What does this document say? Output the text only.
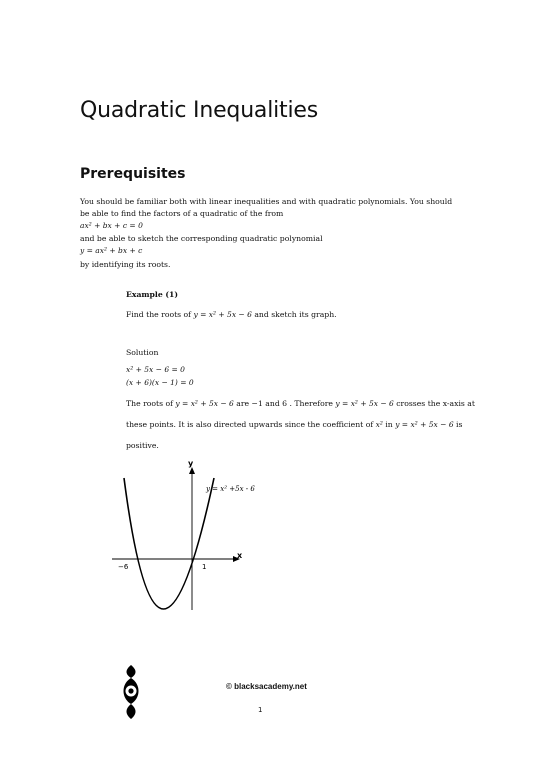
Quadratic Inequalities
Prerequisites

You should be familiar both with linear inequalities and with quadratic polynomials. You should

be able to find the factors of a quadratic of the from

ax² + bx + c = 0

and be able to sketch the corresponding quadratic polynomial

y = ax² + bx + c

by identifying its roots.

Example (1)

Find the roots of y = x² + 5x − 6 and sketch its graph.

Solution

x² + 5x − 6 = 0
(x + 6)(x − 1) = 0

The roots of y = x² + 5x − 6 are −1 and 6 . Therefore y = x² + 5x − 6 crosses the x-axis at

these points. It is also directed upwards since the coefficient of x² in y = x² + 5x − 6 is

positive.

y
x
y = x² +5x - 6
−6	1
© blacksacademy.net
1
